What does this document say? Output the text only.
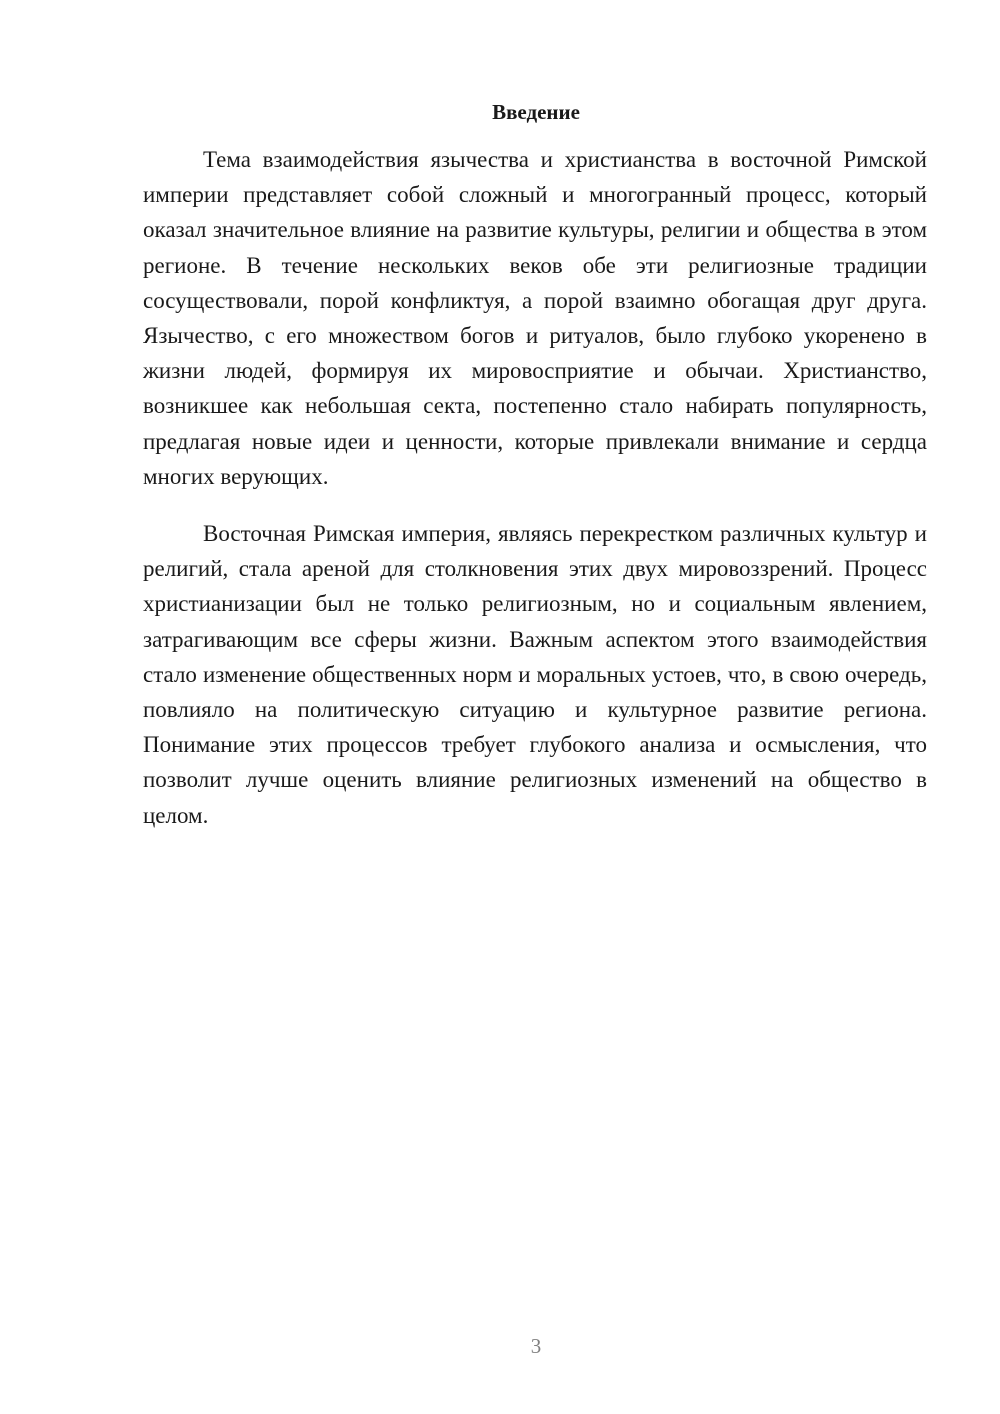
Введение

Тема взаимодействия язычества и христианства в восточной Римской империи представляет собой сложный и многогранный процесс, который оказал значительное влияние на развитие культуры, религии и общества в этом регионе. В течение нескольких веков обе эти религиозные традиции сосуществовали, порой конфликтуя, а порой взаимно обогащая друг друга. Язычество, с его множеством богов и ритуалов, было глубоко укоренено в жизни людей, формируя их мировосприятие и обычаи. Христианство, возникшее как небольшая секта, постепенно стало набирать популярность, предлагая новые идеи и ценности, которые привлекали внимание и сердца многих верующих.

Восточная Римская империя, являясь перекрестком различных культур и религий, стала ареной для столкновения этих двух мировоззрений. Процесс христианизации был не только религиозным, но и социальным явлением, затрагивающим все сферы жизни. Важным аспектом этого взаимодействия стало изменение общественных норм и моральных устоев, что, в свою очередь, повлияло на политическую ситуацию и культурное развитие региона. Понимание этих процессов требует глубокого анализа и осмысления, что позволит лучше оценить влияние религиозных изменений на общество в целом.

3
